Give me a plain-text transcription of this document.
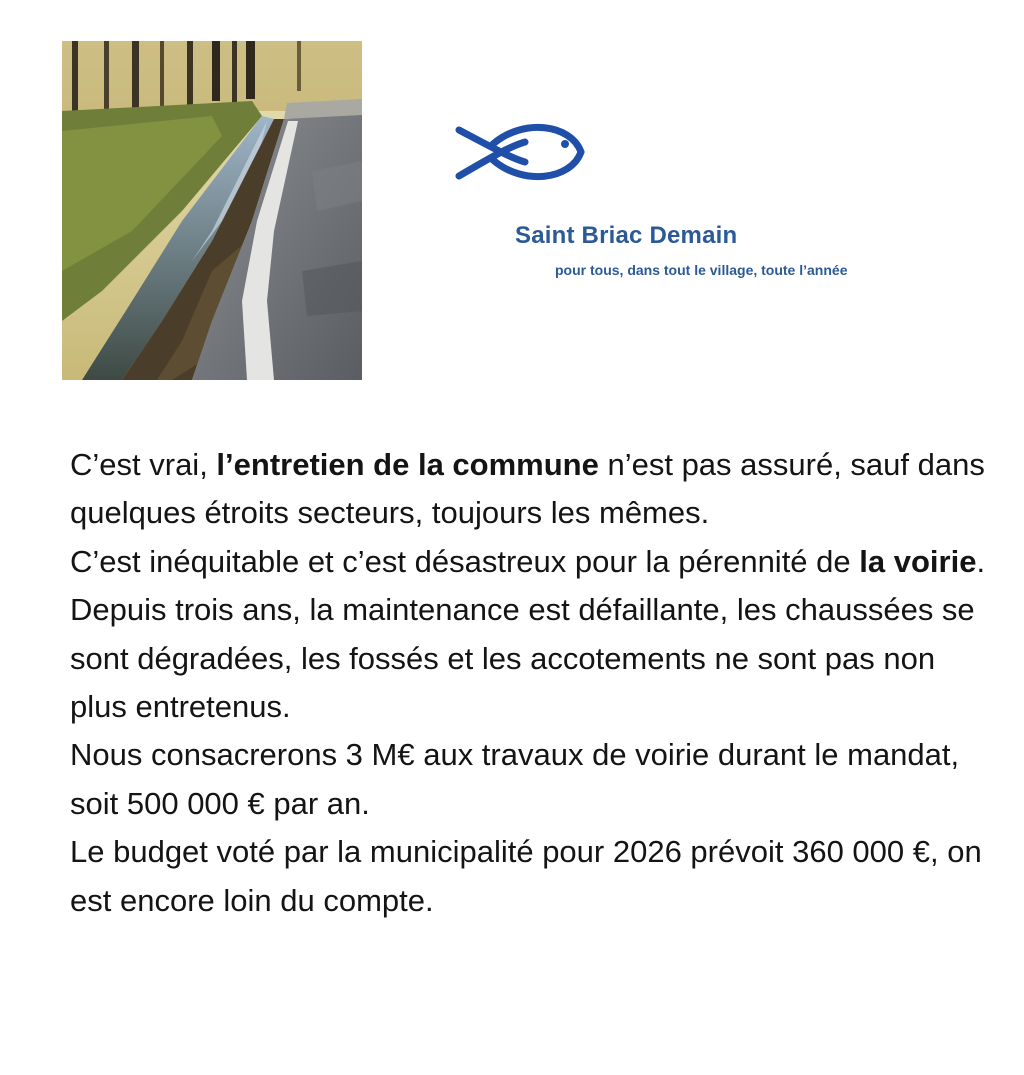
Saint Briac Demain
pour tous, dans tout le village, toute l’année

C’est vrai, l’entretien de la commune n’est pas assuré, sauf dans quelques étroits secteurs, toujours les mêmes.

C’est inéquitable et c’est désastreux pour la pérennité de la voirie.

Depuis trois ans, la maintenance est défaillante, les chaussées se sont dégradées, les fossés et les accotements ne sont pas non plus entretenus.

Nous consacrerons 3 M€ aux travaux de voirie durant le mandat, soit 500 000 € par an.

Le budget voté par la municipalité pour 2026 prévoit 360 000 €, on est encore loin du compte.
